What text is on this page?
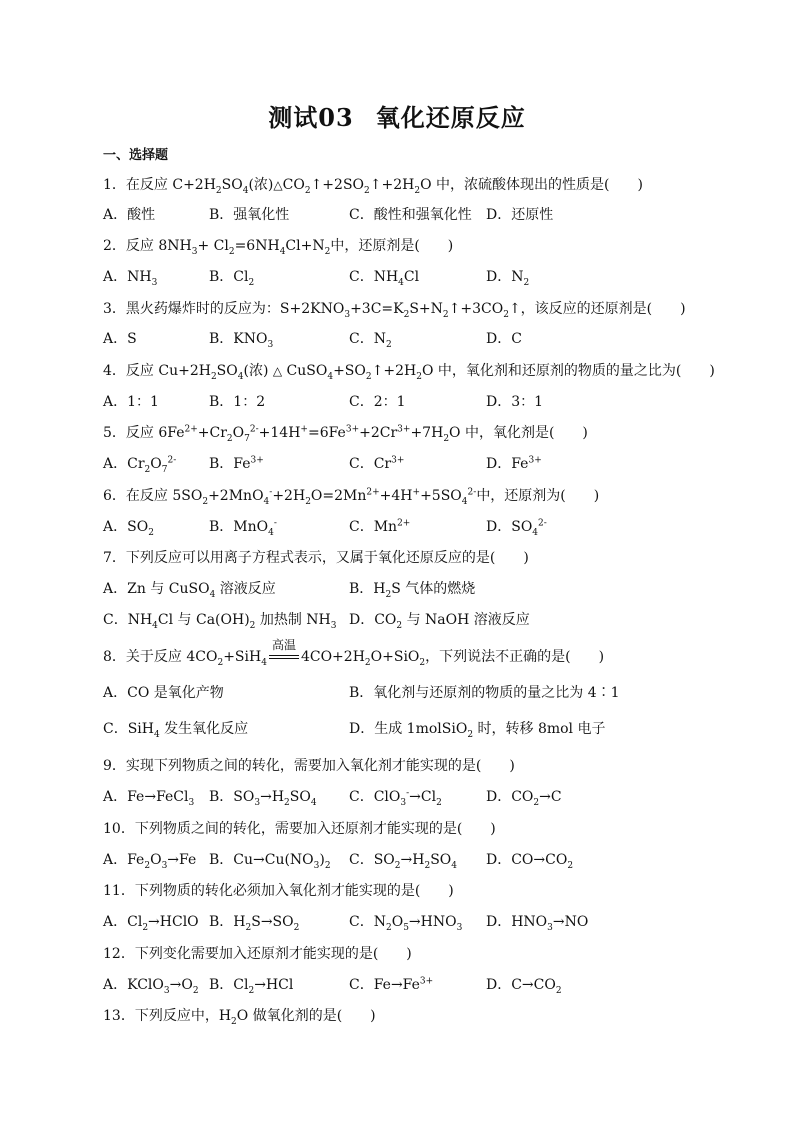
测试03 氧化还原反应
一、选择题
1．在反应 $C+2H_2SO_4$(浓)$\triangle CO_2↑+2SO_2↑+2H_2O$ 中，浓硫酸体现出的性质是(　　)
A．酸性	B．强氧化性	C．酸性和强氧化性 D．还原性
2．反应 $8NH_3+ Cl_2=6NH_4Cl+N_2$中，还原剂是(　　)
A．$NH_3$	B．$Cl_2$	C．$NH_4Cl$	D．$N_2$
3．黑火药爆炸时的反应为：$S+2KNO_3+3C=K_2S+N_2↑+3CO_2↑$，该反应的还原剂是(　　)
A．S	B．$KNO_3$	C．$N_2$	D．C
4．反应 $Cu+2H_2SO_4$(浓) △ $CuSO_4+SO_2↑+2H_2O$ 中，氧化剂和还原剂的物质的量之比为(　　)
A．1：1	B．1：2	C．2：1	D．3：1
5．反应 $6Fe^{2+}+Cr_2O_7^{2-}+14H^+=6Fe^{3+}+2Cr^{3+}+7H_2O$ 中，氧化剂是(　　)
A．$Cr_2O_7^{2-}$ B．$Fe^{3+}$	C．$Cr^{3+}$	D．$Fe^{3+}$
6．在反应 $5SO_2+2MnO_4^-+2H_2O=2Mn^{2+}+4H^++5SO_4^{2-}$中，还原剂为(　　)
A．$SO_2$	B．MnO$_4$-	C．$Mn^{2+}$	D．$SO_4^{2-}$
7．下列反应可以用离子方程式表示，又属于氧化还原反应的是(　　)
A．Zn 与 CuSO$_4$ 溶液反应	B．$H_2S$ 气体的燃烧
C．$NH_4Cl$ 与 $Ca(OH)_2$ 加热制 $NH_3$ D．$CO_2$ 与 NaOH 溶液反应
8．关于反应 $4CO_2+SiH_4$
高温
$4CO+2H_2O+SiO_2$，下列说法不正确的是(　　)
A．CO 是氧化产物	B．氧化剂与还原剂的物质的量之比为 4∶1
C．SiH$_4$ 发生氧化反应	D．生成 1molSiO$_2$ 时，转移 8mol 电子
9．实现下列物质之间的转化，需要加入氧化剂才能实现的是(　　)
A．Fe→FeCl$_3$ B．$SO_3\to H_2SO_4$ C．$ClO_3^-\to Cl_2$	D．$CO_2\to C$
10．下列物质之间的转化，需要加入还原剂才能实现的是(　　)
A．$Fe_2O_3\to Fe$ B．$Cu\to Cu(NO_3)_2$ C．$SO_2\to H_2SO_4$ D．$CO\to CO_2$
11．下列物质的转化必须加入氧化剂才能实现的是(　　)
A．$Cl_2\to HClO$ B．$H_2S\to SO_2$	C．$N_2O_5\to HNO_3$ D．$HNO_3\to NO$
12．下列变化需要加入还原剂才能实现的是(　　)
A．$KClO_3\to O_2$ B．$Cl_2\to HCl$	C．$Fe\to Fe^{3+}$	D．$C\to CO_2$
13．下列反应中，$H_2O$ 做氧化剂的是(　　)
